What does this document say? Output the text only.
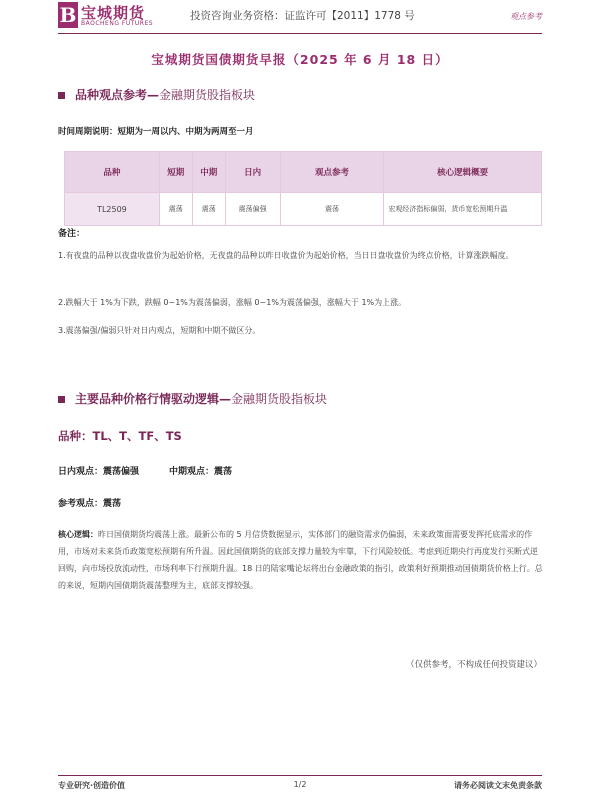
B 宝城期货
BAOCHENG FUTURES
投资咨询业务资格：证监许可【2011】1778 号	观点参考
宝城期货国债期货早报（2025 年 6 月 18 日）
品种观点参考—金融期货股指板块
时间周期说明：短期为一周以内、中期为两周至一月
品种	短期	中期	日内	观点参考	核心逻辑概要
TL2509	震荡	震荡	震荡偏强	震荡	宏观经济指标偏弱，货币宽松预期升温
备注：
1.有夜盘的品种以夜盘收盘价为起始价格，无夜盘的品种以昨日收盘价为起始价格，当日日盘收盘价为终点价格，计算涨跌幅度。
2.跌幅大于 1%为下跌，跌幅 0~1%为震荡偏弱，涨幅 0~1%为震荡偏强，涨幅大于 1%为上涨。
3.震荡偏强/偏弱只针对日内观点，短期和中期不做区分。
主要品种价格行情驱动逻辑—金融期货股指板块
品种：TL、T、TF、TS
日内观点：震荡偏强	中期观点：震荡
参考观点：震荡
核心逻辑：昨日国债期货均震荡上涨。最新公布的 5 月信贷数据显示，实体部门的融资需求仍偏弱，未来政策面需要发挥托底需求的作用，市场对未来货币政策宽松预期有所升温。因此国债期货的底部支撑力量较为牢靠，下行风险较低。考虑到近期央行再度发行买断式逆回购，向市场投放流动性，市场利率下行预期升温。18 日的陆家嘴论坛将出台金融政策的指引，政策利好预期推动国债期货价格上行。总的来说，短期内国债期货震荡整理为主，底部支撑较强。
（仅供参考，不构成任何投资建议）
专业研究·创造价值	1/2	请务必阅读文末免责条款
